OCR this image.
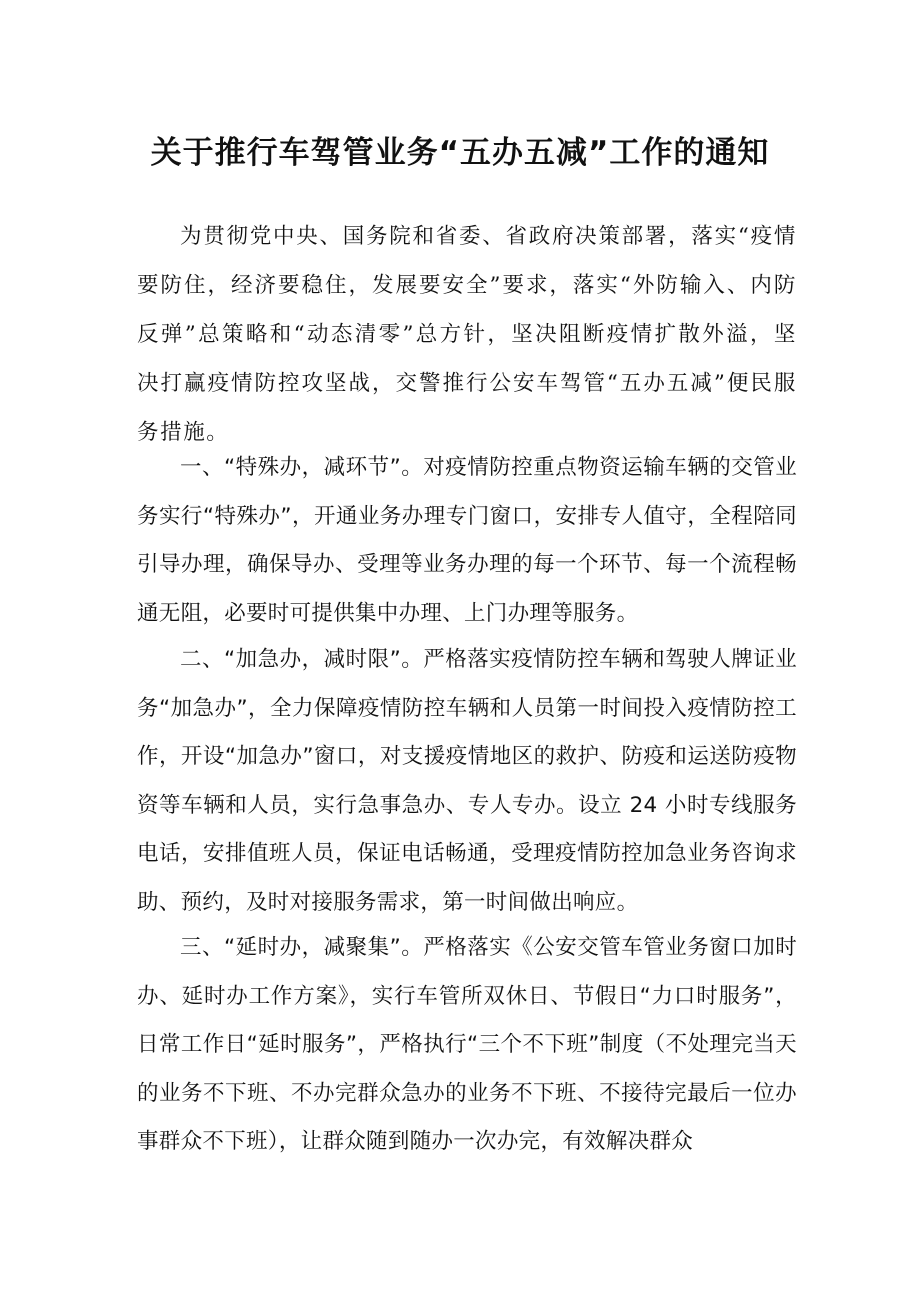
关于推行车驾管业务“五办五减”工作的通知

为贯彻党中央、国务院和省委、省政府决策部署，落实“疫情要防住，经济要稳住，发展要安全”要求，落实“外防输入、内防反弹”总策略和“动态清零”总方针，坚决阻断疫情扩散外溢，坚决打赢疫情防控攻坚战，交警推行公安车驾管“五办五减”便民服务措施。

一、“特殊办，减环节”。对疫情防控重点物资运输车辆的交管业务实行“特殊办”，开通业务办理专门窗口，安排专人值守，全程陪同引导办理，确保导办、受理等业务办理的每一个环节、每一个流程畅通无阻，必要时可提供集中办理、上门办理等服务。

二、“加急办，减时限”。严格落实疫情防控车辆和驾驶人牌证业务“加急办”，全力保障疫情防控车辆和人员第一时间投入疫情防控工作，开设“加急办”窗口，对支援疫情地区的救护、防疫和运送防疫物资等车辆和人员，实行急事急办、专人专办。设立 24 小时专线服务电话，安排值班人员，保证电话畅通，受理疫情防控加急业务咨询求助、预约，及时对接服务需求，第一时间做出响应。

三、“延时办，减聚集”。严格落实《公安交管车管业务窗口加时办、延时办工作方案》，实行车管所双休日、节假日“力口时服务”，日常工作日“延时服务”，严格执行“三个不下班”制度（不处理完当天的业务不下班、不办完群众急办的业务不下班、不接待完最后一位办事群众不下班），让群众随到随办一次办完，有效解决群众
